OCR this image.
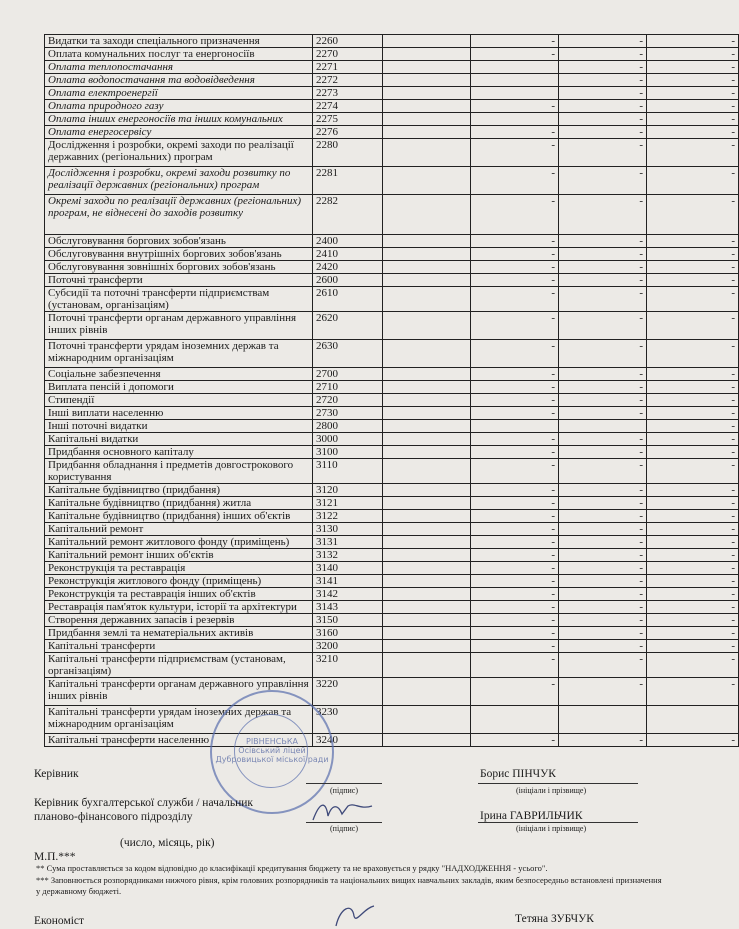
Видатки та заходи спеціального призначення	2260		-	-	-
Оплата комунальних послуг та енергоносіїв	2270		-	-	-
Оплата теплопостачання	2271			-	-
Оплата водопостачання та водовідведення	2272			-	-
Оплата електроенергії	2273			-	-
Оплата природного газу	2274		-	-	-
Оплата інших енергоносіїв та інших комунальних	2275			-	-
Оплата енергосервісу	2276		-	-	-
Дослідження і розробки, окремі заходи по реалізації державних (регіональних) програм	2280		-	-	-
Дослідження і розробки, окремі заходи розвитку по реалізації державних (регіональних) програм	2281		-	-	-
Окремі заходи по реалізації державних (регіональних) програм, не віднесені до заходів розвитку	2282		-	-	-
Обслуговування боргових зобов'язань	2400		-	-	-
Обслуговування внутрішніх боргових зобов'язань	2410		-	-	-
Обслуговування зовнішніх боргових зобов'язань	2420		-	-	-
Поточні трансферти	2600		-	-	-
Субсидії та поточні трансферти підприємствам (установам, організаціям)	2610		-	-	-
Поточні трансферти органам державного управління інших рівнів	2620		-	-	-
Поточні трансферти урядам іноземних держав та міжнародним організаціям	2630		-	-	-
Соціальне забезпечення	2700		-	-	-
Виплата пенсій і допомоги	2710		-	-	-
Стипендії	2720		-	-	-
Інші виплати населенню	2730		-	-	-
Інші поточні видатки	2800				-
Капітальні видатки	3000		-	-	-
Придбання основного капіталу	3100		-	-	-
Придбання обладнання і предметів довгострокового користування	3110		-	-	-
Капітальне будівництво (придбання)	3120		-	-	-
Капітальне будівництво (придбання) житла	3121		-	-	-
Капітальне будівництво (придбання) інших об'єктів	3122		-	-	-
Капітальний ремонт	3130		-	-	-
Капітальний ремонт житлового фонду (приміщень)	3131		-	-	-
Капітальний ремонт інших об'єктів	3132		-	-	-
Реконструкція та реставрація	3140		-	-	-
Реконструкція житлового фонду (приміщень)	3141		-	-	-
Реконструкція та реставрація інших об'єктів	3142		-	-	-
Реставрація пам'яток культури, історії та архітектури	3143		-	-	-
Створення державних запасів і резервів	3150		-	-	-
Придбання землі та нематеріальних активів	3160		-	-	-
Капітальні трансферти	3200		-	-	-
Капітальні трансферти підприємствам (установам, організаціям)	3210		-	-	-
Капітальні трансферти органам державного управління інших рівнів	3220		-	-	-
Капітальні трансферти урядам іноземних держав та міжнародним організаціям	3230				
Капітальні трансферти населенню	3240		-	-	-
РІВНЕНСЬКА
Осівський ліцей
Дубровицької міської ради
Керівник
(підпис)
Борис ПІНЧУК
(ініціали і прізвище)
Керівник бухгалтерської служби / начальник
планово-фінансового підрозділу
(підпис)
Ірина ГАВРИЛЬЧИК
(ініціали і прізвище)
(число, місяць, рік)
М.П.***
** Сума проставляється за кодом відповідно до класифікації кредитування бюджету та не враховується у рядку "НАДХОДЖЕННЯ - усього".
*** Заповнюється розпорядниками нижчого рівня, крім головних розпорядників та національних вищих навчальних закладів, яким безпосередньо встановлені призначення у державному бюджеті.
Економіст	Тетяна ЗУБЧУК
